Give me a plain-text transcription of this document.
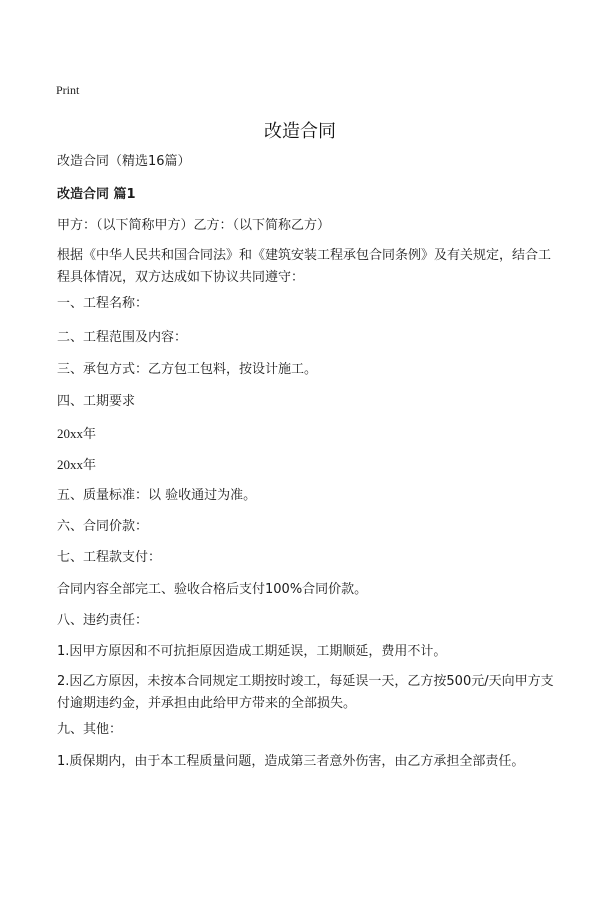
Print
改造合同
改造合同（精选16篇）
改造合同 篇1
甲方：（以下简称甲方）乙方：（以下简称乙方）
根据《中华人民共和国合同法》和《建筑安装工程承包合同条例》及有关规定，结合工程具体情况，双方达成如下协议共同遵守：
一、工程名称：
二、工程范围及内容：
三、承包方式：乙方包工包料，按设计施工。
四、工期要求
20xx年
20xx年
五、质量标准：以 验收通过为准。
六、合同价款：
七、工程款支付：
合同内容全部完工、验收合格后支付100%合同价款。
八、违约责任：
1.因甲方原因和不可抗拒原因造成工期延误，工期顺延，费用不计。
2.因乙方原因，未按本合同规定工期按时竣工，每延误一天，乙方按500元/天向甲方支付逾期违约金，并承担由此给甲方带来的全部损失。
九、其他：
1.质保期内，由于本工程质量问题，造成第三者意外伤害，由乙方承担全部责任。
